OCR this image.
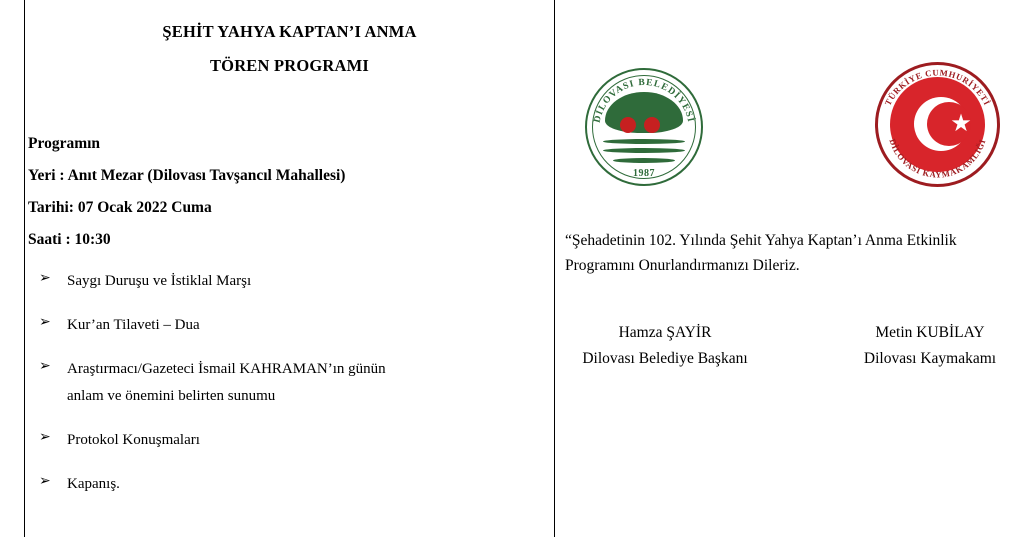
ŞEHİT YAHYA KAPTAN’I ANMA
TÖREN PROGRAMI
Programın
Yeri : Anıt Mezar (Dilovası Tavşancıl Mahallesi)
Tarihi: 07 Ocak 2022 Cuma
Saati : 10:30
➢	Saygı Duruşu ve İstiklal Marşı
➢	Kur’an Tilaveti – Dua
➢	Araştırmacı/Gazeteci İsmail KAHRAMAN’ın günün
anlam ve önemini belirten sunumu
➢	Protokol Konuşmaları
➢	Kapanış.
DİLOVASI BELEDİYESİ
1987
★
TÜRKİYE CUMHURİYETİ
DİLOVASI KAYMAKAMLIĞI
“Şehadetinin 102. Yılında Şehit Yahya Kaptan’ı Anma Etkinlik
Programını Onurlandırmanızı Dileriz.
Hamza ŞAYİR
Dilovası Belediye Başkanı
Metin KUBİLAY
Dilovası Kaymakamı
